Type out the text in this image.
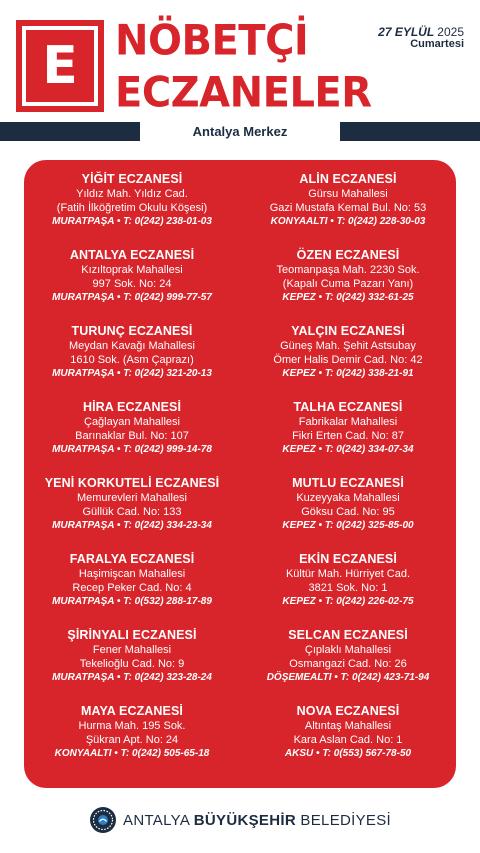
E NÖBETÇİ
ECZANELER
27 EYLÜL 2025
Cumartesi
Antalya Merkez
YİĞİT ECZANESİ
Yıldız Mah. Yıldız Cad.
(Fatih İlköğretim Okulu Köşesi)
MURATPAŞA • T: 0(242) 238-01-03
ANTALYA ECZANESİ
Kızıltoprak Mahallesi
997 Sok. No: 24
MURATPAŞA • T: 0(242) 999-77-57
TURUNÇ ECZANESİ
Meydan Kavağı Mahallesi
1610 Sok. (Asm Çaprazı)
MURATPAŞA • T: 0(242) 321-20-13
HİRA ECZANESİ
Çağlayan Mahallesi
Barınaklar Bul. No: 107
MURATPAŞA • T: 0(242) 999-14-78
YENİ KORKUTELİ ECZANESİ
Memurevleri Mahallesi
Güllük Cad. No: 133
MURATPAŞA • T: 0(242) 334-23-34
FARALYA ECZANESİ
Haşimişcan Mahallesi
Recep Peker Cad. No: 4
MURATPAŞA • T: 0(532) 288-17-89
ŞİRİNYALI ECZANESİ
Fener Mahallesi
Tekelioğlu Cad. No: 9
MURATPAŞA • T: 0(242) 323-28-24
MAYA ECZANESİ
Hurma Mah. 195 Sok.
Şükran Apt. No: 24
KONYAALTI • T: 0(242) 505-65-18
ALİN ECZANESİ
Gürsu Mahallesi
Gazi Mustafa Kemal Bul. No: 53
KONYAALTI • T: 0(242) 228-30-03
ÖZEN ECZANESİ
Teomanpaşa Mah. 2230 Sok.
(Kapalı Cuma Pazarı Yanı)
KEPEZ • T: 0(242) 332-61-25
YALÇIN ECZANESİ
Güneş Mah. Şehit Astsubay
Ömer Halis Demir Cad. No: 42
KEPEZ • T: 0(242) 338-21-91
TALHA ECZANESİ
Fabrikalar Mahallesi
Fikri Erten Cad. No: 87
KEPEZ • T: 0(242) 334-07-34
MUTLU ECZANESİ
Kuzeyyaka Mahallesi
Göksu Cad. No: 95
KEPEZ • T: 0(242) 325-85-00
EKİN ECZANESİ
Kültür Mah. Hürriyet Cad.
3821 Sok. No: 1
KEPEZ • T: 0(242) 226-02-75
SELCAN ECZANESİ
Çıplaklı Mahallesi
Osmangazi Cad. No: 26
DÖŞEMEALTI • T: 0(242) 423-71-94
NOVA ECZANESİ
Altıntaş Mahallesi
Kara Aslan Cad. No: 1
AKSU • T: 0(553) 567-78-50
ANTALYA BÜYÜKŞEHİR BELEDİYESİ
